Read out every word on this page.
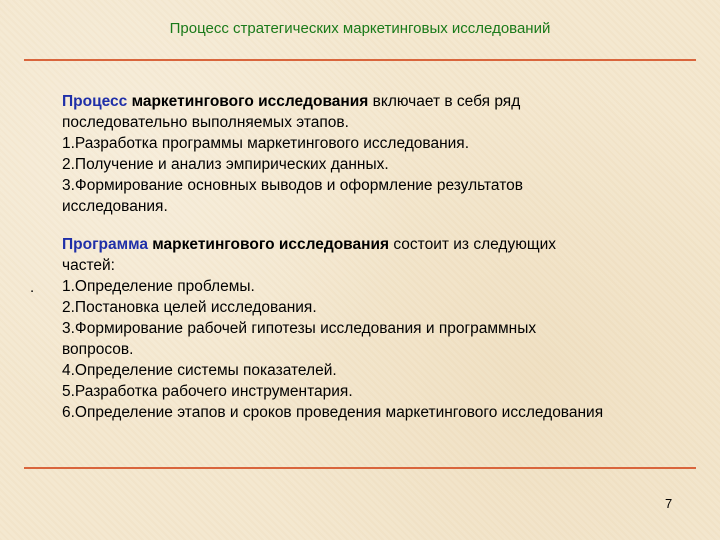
Процесс стратегических маркетинговых исследований
.

Процесс маркетингового исследования включает в себя ряд

последовательно выполняемых этапов.

1.Разработка программы маркетингового исследования.

2.Получение и анализ эмпирических данных.

3.Формирование основных выводов и оформление результатов

исследования.

Программа маркетингового исследования состоит из следующих

частей:

1.Определение проблемы.

2.Постановка целей исследования.

3.Формирование рабочей гипотезы исследования и программных

вопросов.

4.Определение системы показателей.

5.Разработка рабочего инструментария.

6.Определение этапов и сроков проведения маркетингового исследования

7
